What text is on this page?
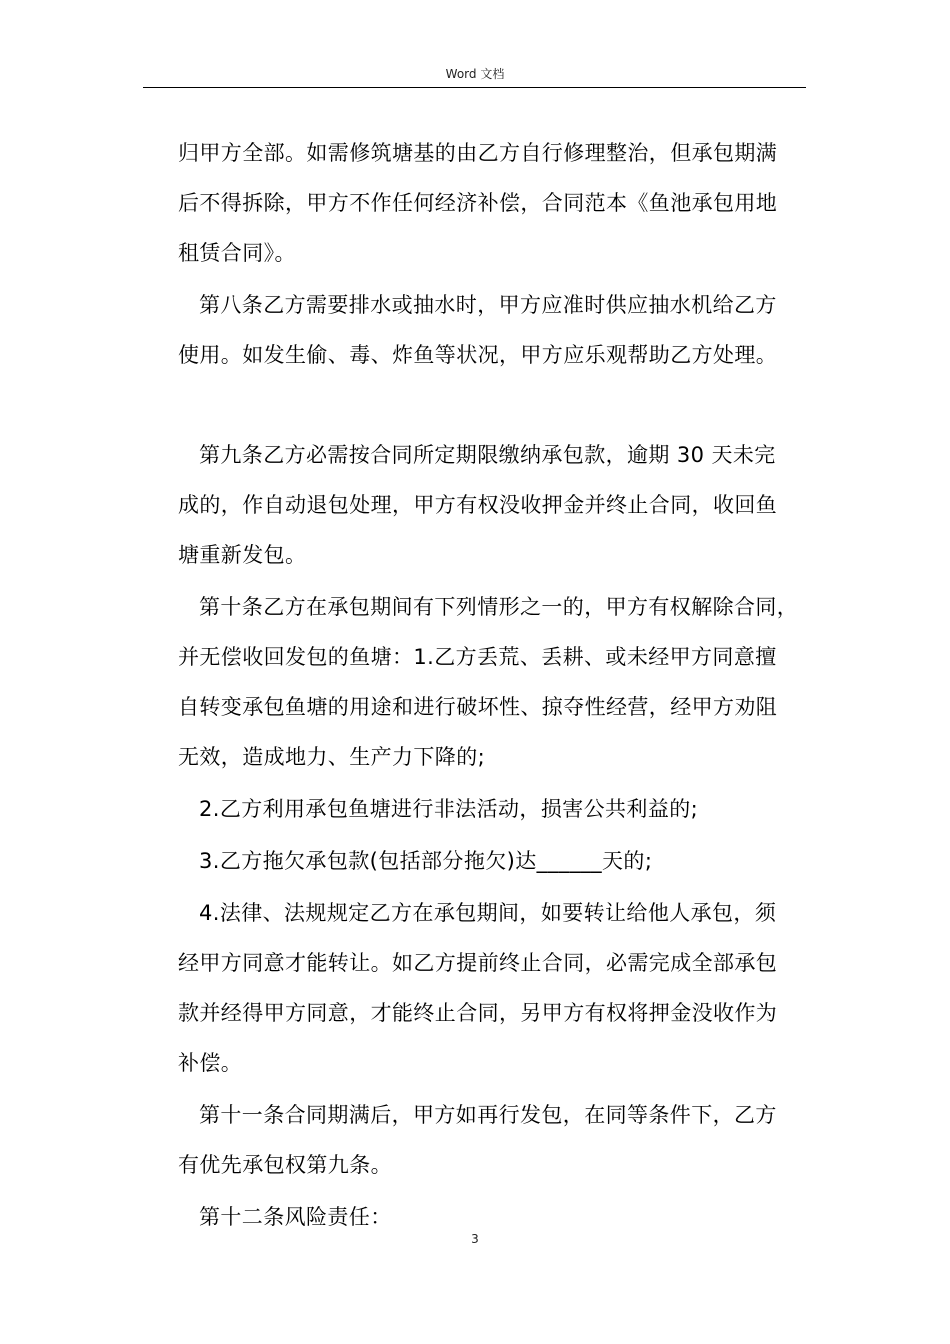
Word 文档

归甲方全部。如需修筑塘基的由乙方自行修理整治，但承包期满
后不得拆除，甲方不作任何经济补偿，合同范本《鱼池承包用地
租赁合同》。

第八条乙方需要排水或抽水时，甲方应准时供应抽水机给乙方
使用。如发生偷、毒、炸鱼等状况，甲方应乐观帮助乙方处理。

第九条乙方必需按合同所定期限缴纳承包款，逾期 30 天未完
成的，作自动退包处理，甲方有权没收押金并终止合同，收回鱼
塘重新发包。

第十条乙方在承包期间有下列情形之一的，甲方有权解除合同，
并无偿收回发包的鱼塘：1.乙方丢荒、丢耕、或未经甲方同意擅
自转变承包鱼塘的用途和进行破坏性、掠夺性经营，经甲方劝阻
无效，造成地力、生产力下降的;

2.乙方利用承包鱼塘进行非法活动，损害公共利益的;

3.乙方拖欠承包款(包括部分拖欠)达______天的;

4.法律、法规规定乙方在承包期间，如要转让给他人承包，须
经甲方同意才能转让。如乙方提前终止合同，必需完成全部承包
款并经得甲方同意，才能终止合同，另甲方有权将押金没收作为
补偿。

第十一条合同期满后，甲方如再行发包，在同等条件下，乙方
有优先承包权第九条。

第十二条风险责任：

3
